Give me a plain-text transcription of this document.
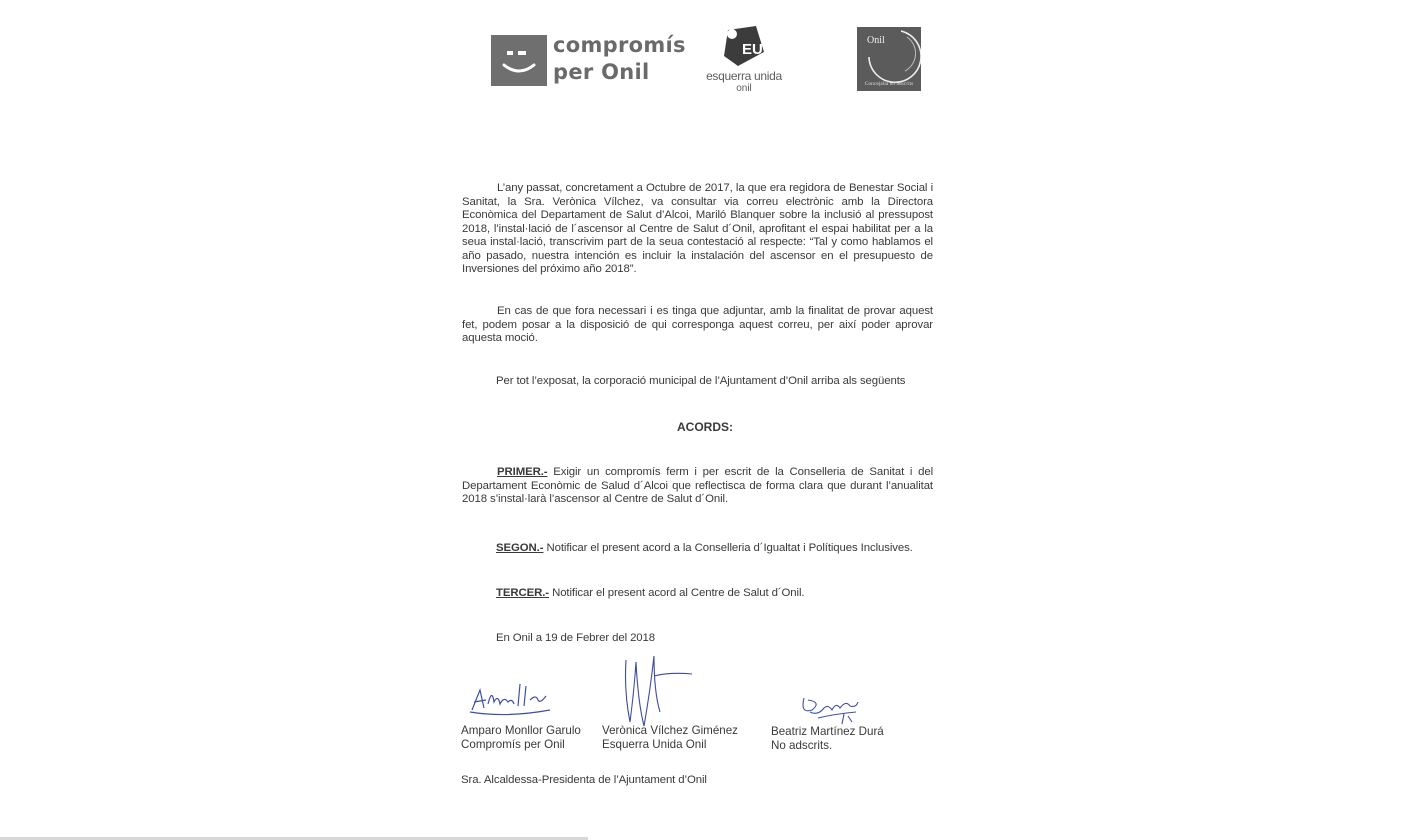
compromís
per Onil
EU
esquerra unida
onil
Onil
Concejalia no adscrits
L’any passat, concretament a Octubre de 2017, la que era regidora de Benestar Social i Sanitat, la Sra. Verònica Vílchez, va consultar via correu electrònic amb la Directora Econòmica del Departament de Salut d’Alcoi, Mariló Blanquer sobre la inclusió al pressupost 2018, l’instal·lació de l´ascensor al Centre de Salut d´Onil, aprofitant el espai habilitat per a la seua instal·lació, transcrivim part de la seua contestació al respecte: “Tal y como hablamos el año pasado, nuestra intención es incluir la instalación del ascensor en el presupuesto de Inversiones del próximo año 2018”.
En cas de que fora necessari i es tinga que adjuntar, amb la finalitat de provar aquest fet, podem posar a la disposició de qui corresponga aquest correu, per així poder aprovar aquesta moció.
Per tot l’exposat, la corporació municipal de l’Ajuntament d’Onil arriba als següents
ACORDS:
PRIMER.- Exigir un compromís ferm i per escrit de la Conselleria de Sanitat i del Departament Econòmic de Salud d´Alcoi que reflectisca de forma clara que durant l’anualitat 2018 s’instal·larà l’ascensor al Centre de Salut d´Onil.
SEGON.- Notificar el present acord a la Conselleria d´Igualtat i Polítiques Inclusives.
TERCER.- Notificar el present acord al Centre de Salut d´Onil.
En Onil a 19 de Febrer del 2018
Amparo Monllor Garulo
Compromís per Onil
Verònica Vílchez Giménez
Esquerra Unida Onil
Beatriz Martínez Durá
No adscrits.
Sra. Alcaldessa-Presidenta de l’Ajuntament d’Onil
